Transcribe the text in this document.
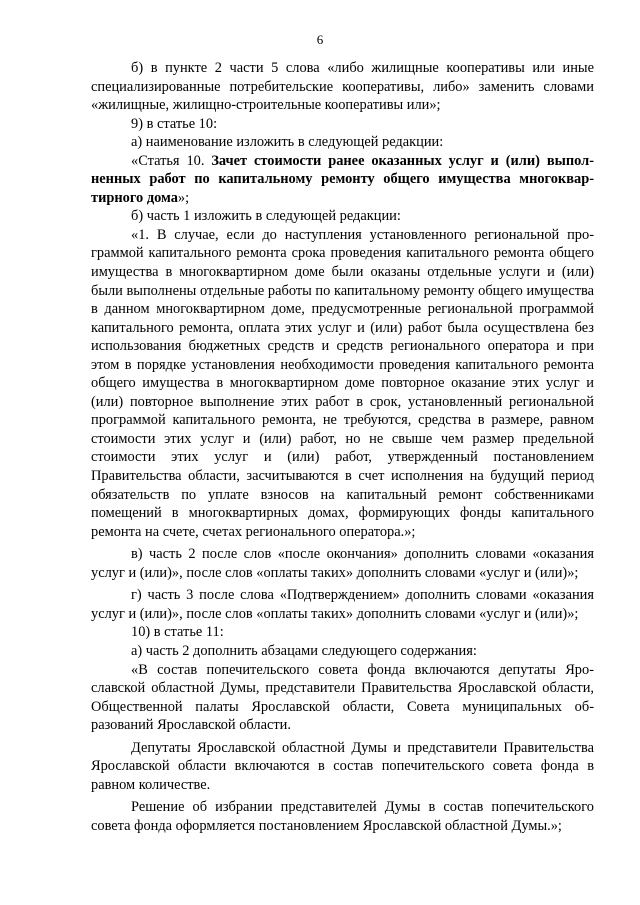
6

б) в пункте 2 части 5 слова «либо жилищные кооперативы или иные специализированные потребительские кооперативы, либо» заменить словами «жилищные, жилищно-строительные кооперативы или»;

9) в статье 10:

а) наименование изложить в следующей редакции:

«Статья 10. Зачет стоимости ранее оказанных услуг и (или) выполненных работ по капитальному ремонту общего имущества многоквартирного дома»;

б) часть 1 изложить в следующей редакции:

«1. В случае, если до наступления установленного региональной программой капитального ремонта срока проведения капитального ремонта общего имущества в многоквартирном доме были оказаны отдельные услуги и (или) были выполнены отдельные работы по капитальному ремонту общего имущества в данном многоквартирном доме, предусмотренные региональной программой капитального ремонта, оплата этих услуг и (или) работ была осуществлена без использования бюджетных средств и средств регионального оператора и при этом в порядке установления необходимости проведения капитального ремонта общего имущества в многоквартирном доме повторное оказание этих услуг и (или) повторное выполнение этих работ в срок, установленный региональной программой капитального ремонта, не требуются, средства в размере, равном стоимости этих услуг и (или) работ, но не свыше чем размер предельной стоимости этих услуг и (или) работ, утвержденный постановлением Правительства области, засчитываются в счет исполнения на будущий период обязательств по уплате взносов на капитальный ремонт собственниками помещений в многоквартирных домах, формирующих фонды капитального ремонта на счете, счетах регионального оператора.»;

в) часть 2 после слов «после окончания» дополнить словами «оказания услуг и (или)», после слов «оплаты таких» дополнить словами «услуг и (или)»;

г) часть 3 после слова «Подтверждением» дополнить словами «оказания услуг и (или)», после слов «оплаты таких» дополнить словами «услуг и (или)»;

10) в статье 11:

а) часть 2 дополнить абзацами следующего содержания:

«В состав попечительского совета фонда включаются депутаты Ярославской областной Думы, представители Правительства Ярославской области, Общественной палаты Ярославской области, Совета муниципальных образований Ярославской области.

Депутаты Ярославской областной Думы и представители Правительства Ярославской области включаются в состав попечительского совета фонда в равном количестве.

Решение об избрании представителей Думы в состав попечительского совета фонда оформляется постановлением Ярославской областной Думы.»;
